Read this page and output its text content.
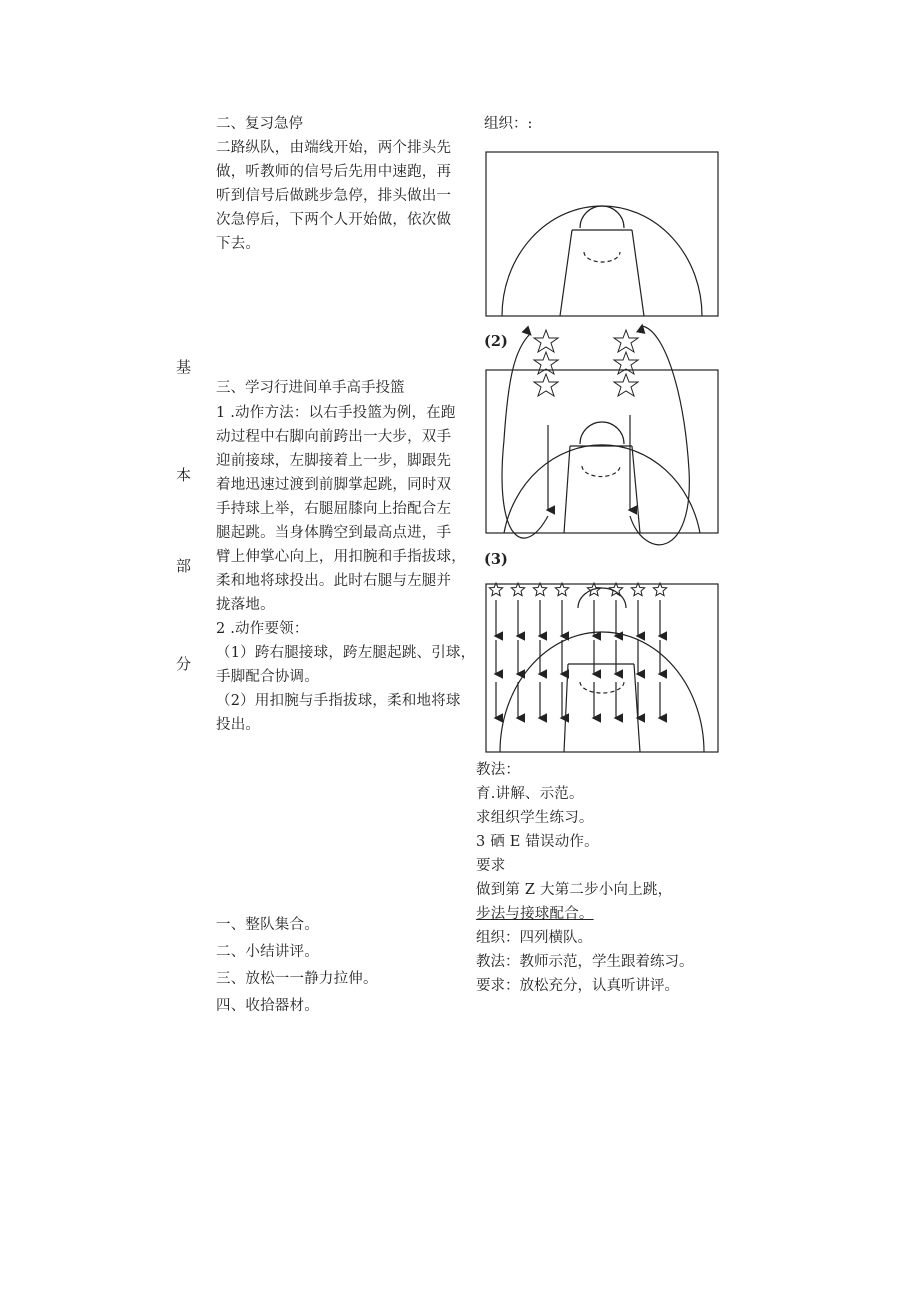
二、复习急停
二路纵队，由端线开始，两个排头先
做，听教师的信号后先用中速跑，再
听到信号后做跳步急停，排头做出一
次急停后，下两个人开始做，依次做
下去。
基
本
部
分
三、学习行进间单手高手投篮
1 .动作方法：以右手投篮为例，在跑
动过程中右脚向前跨出一大步，双手
迎前接球，左脚接着上一步，脚跟先
着地迅速过渡到前脚掌起跳，同时双
手持球上举，右腿屈膝向上抬配合左
腿起跳。当身体腾空到最高点进，手
臂上伸掌心向上，用扣腕和手指拔球，
柔和地将球投出。此时右腿与左腿并
拢落地。
2 .动作要领：
（1）跨右腿接球，跨左腿起跳、引球，
手脚配合协调。
（2）用扣腕与手指拔球，柔和地将球
投出。
一、整队集合。
二、小结讲评。
三、放松一一静力拉伸。
四、收拾器材。
组织：:
(2)
(3)
教法：
育.讲解、示范。
求组织学生练习。
3 硒 E 错误动作。
要求
做到第 Z 大第二步小向上跳，
步法与接球配合。
组织：四列横队。
教法：教师示范，学生跟着练习。
要求：放松充分，认真听讲评。
